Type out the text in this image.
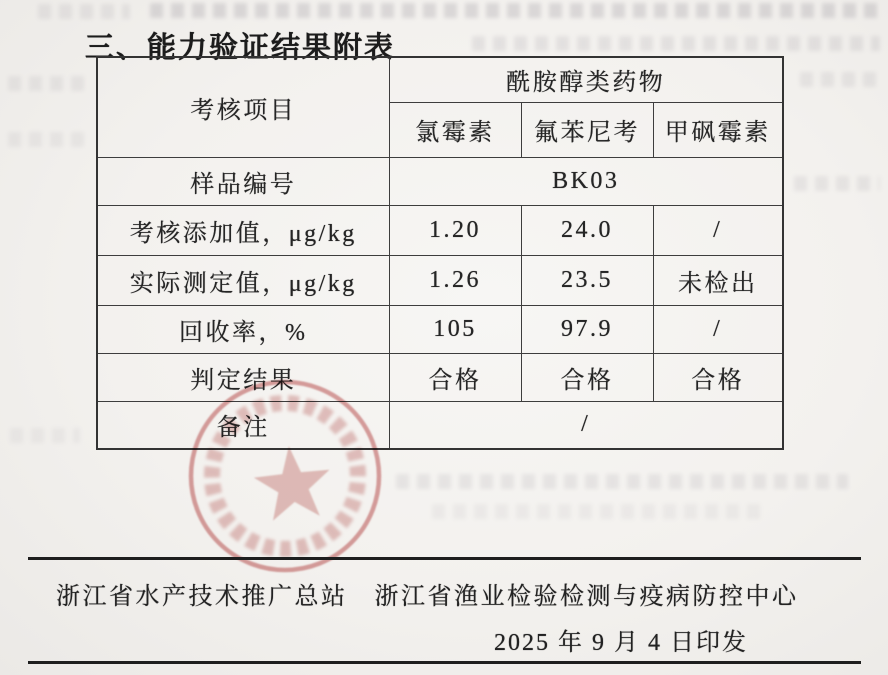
三、能力验证结果附表
考核项目	酰胺醇类药物		
	氯霉素	氟苯尼考	甲砜霉素
样品编号	BK03		
考核添加值，μg/kg	1.20	24.0	/
实际测定值，μg/kg	1.26	23.5	未检出
回收率，%	105	97.9	/
判定结果	合格	合格	合格
备注	/		
浙江省水产技术推广总站 浙江省渔业检验检测与疫病防控中心
2025 年 9 月 4 日印发
